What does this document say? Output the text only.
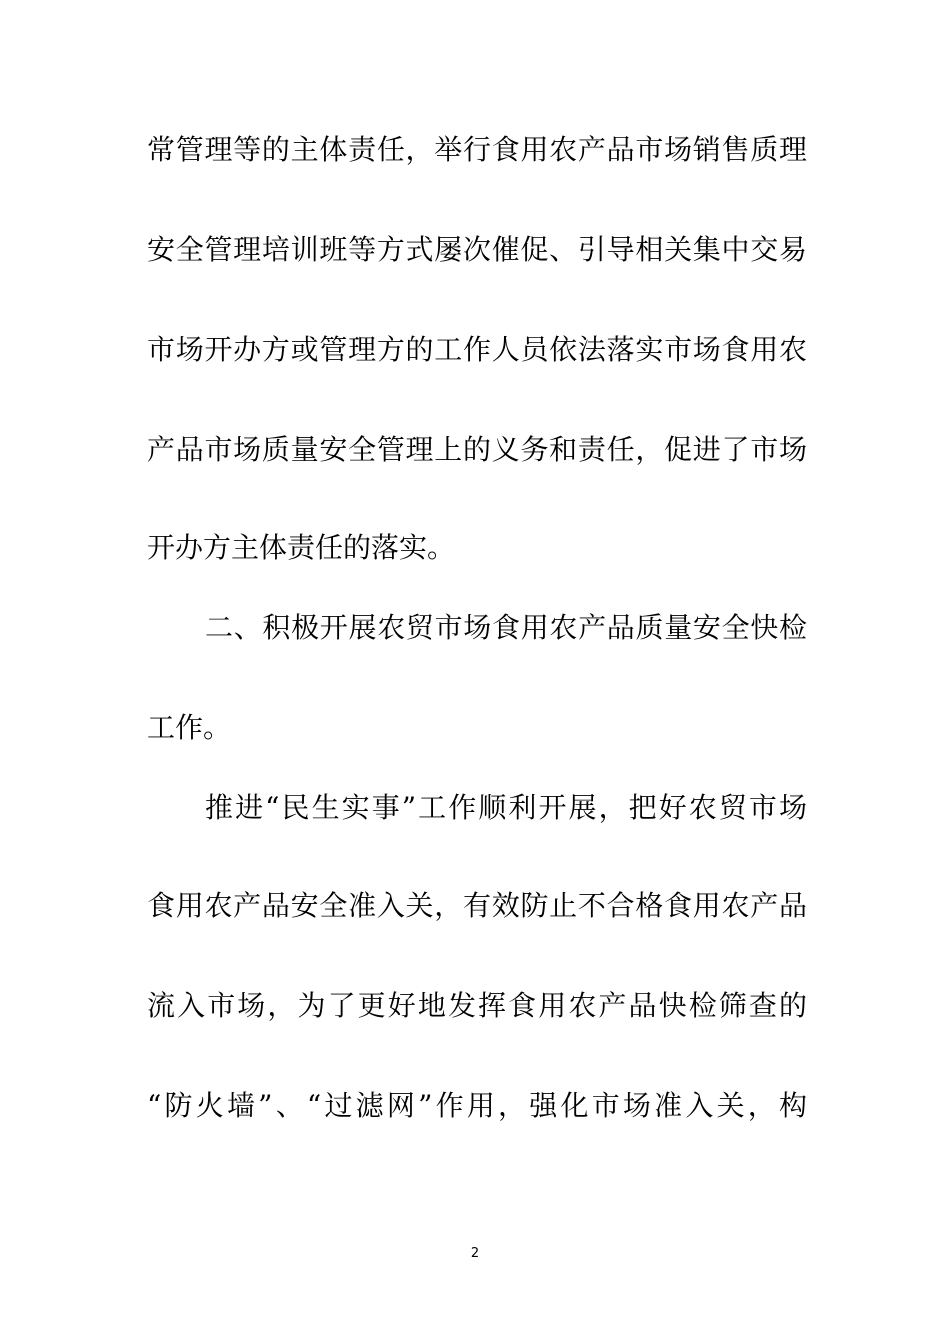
常管理等的主体责任，举行食用农产品市场销售质理
安全管理培训班等方式屡次催促、引导相关集中交易
市场开办方或管理方的工作人员依法落实市场食用农
产品市场质量安全管理上的义务和责任，促进了市场
开办方主体责任的落实。
二、积极开展农贸市场食用农产品质量安全快检
工作。
推进“民生实事”工作顺利开展，把好农贸市场
食用农产品安全准入关，有效防止不合格食用农产品
流入市场，为了更好地发挥食用农产品快检筛查的
“防火墙”、“过滤网”作用，强化市场准入关，构
2
